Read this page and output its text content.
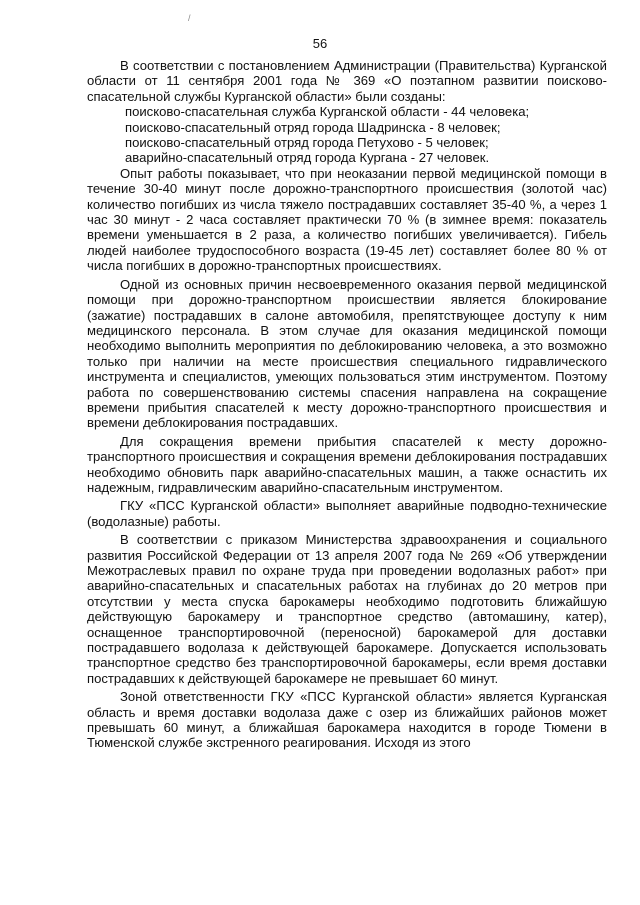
/
56

В соответствии с постановлением Администрации (Правительства) Курганской области от 11 сентября 2001 года № 369 «О поэтапном развитии поисково-спасательной службы Курганской области» были созданы:

поисково-спасательная служба Курганской области - 44 человека;

поисково-спасательный отряд города Шадринска - 8 человек;

поисково-спасательный отряд города Петухово - 5 человек;

аварийно-спасательный отряд города Кургана - 27 человек.

Опыт работы показывает, что при неоказании первой медицинской помощи в течение 30-40 минут после дорожно-транспортного происшествия (золотой час) количество погибших из числа тяжело пострадавших составляет 35-40 %, а через 1 час 30 минут - 2 часа составляет практически 70 % (в зимнее время: показатель времени уменьшается в 2 раза, а количество погибших увеличивается). Гибель людей наиболее трудоспособного возраста (19-45 лет) составляет более 80 % от числа погибших в дорожно-транспортных происшествиях.

Одной из основных причин несвоевременного оказания первой медицинской помощи при дорожно-транспортном происшествии является блокирование (зажатие) пострадавших в салоне автомобиля, препятствующее доступу к ним медицинского персонала. В этом случае для оказания медицинской помощи необходимо выполнить мероприятия по деблокированию человека, а это возможно только при наличии на месте происшествия специального гидравлического инструмента и специалистов, умеющих пользоваться этим инструментом. Поэтому работа по совершенствованию системы спасения направлена на сокращение времени прибытия спасателей к месту дорожно-транспортного происшествия и времени деблокирования пострадавших.

Для сокращения времени прибытия спасателей к месту дорожно-транспортного происшествия и сокращения времени деблокирования пострадавших необходимо обновить парк аварийно-спасательных машин, а также оснастить их надежным, гидравлическим аварийно-спасательным инструментом.

ГКУ «ПСС Курганской области» выполняет аварийные подводно-технические (водолазные) работы.

В соответствии с приказом Министерства здравоохранения и социального развития Российской Федерации от 13 апреля 2007 года № 269 «Об утверждении Межотраслевых правил по охране труда при проведении водолазных работ» при аварийно-спасательных и спасательных работах на глубинах до 20 метров при отсутствии у места спуска барокамеры необходимо подготовить ближайшую действующую барокамеру и транспортное средство (автомашину, катер), оснащенное транспортировочной (переносной) барокамерой для доставки пострадавшего водолаза к действующей барокамере. Допускается использовать транспортное средство без транспортировочной барокамеры, если время доставки пострадавших к действующей барокамере не превышает 60 минут.

Зоной ответственности ГКУ «ПСС Курганской области» является Курганская область и время доставки водолаза даже с озер из ближайших районов может превышать 60 минут, а ближайшая барокамера находится в городе Тюмени в Тюменской службе экстренного реагирования. Исходя из этого
